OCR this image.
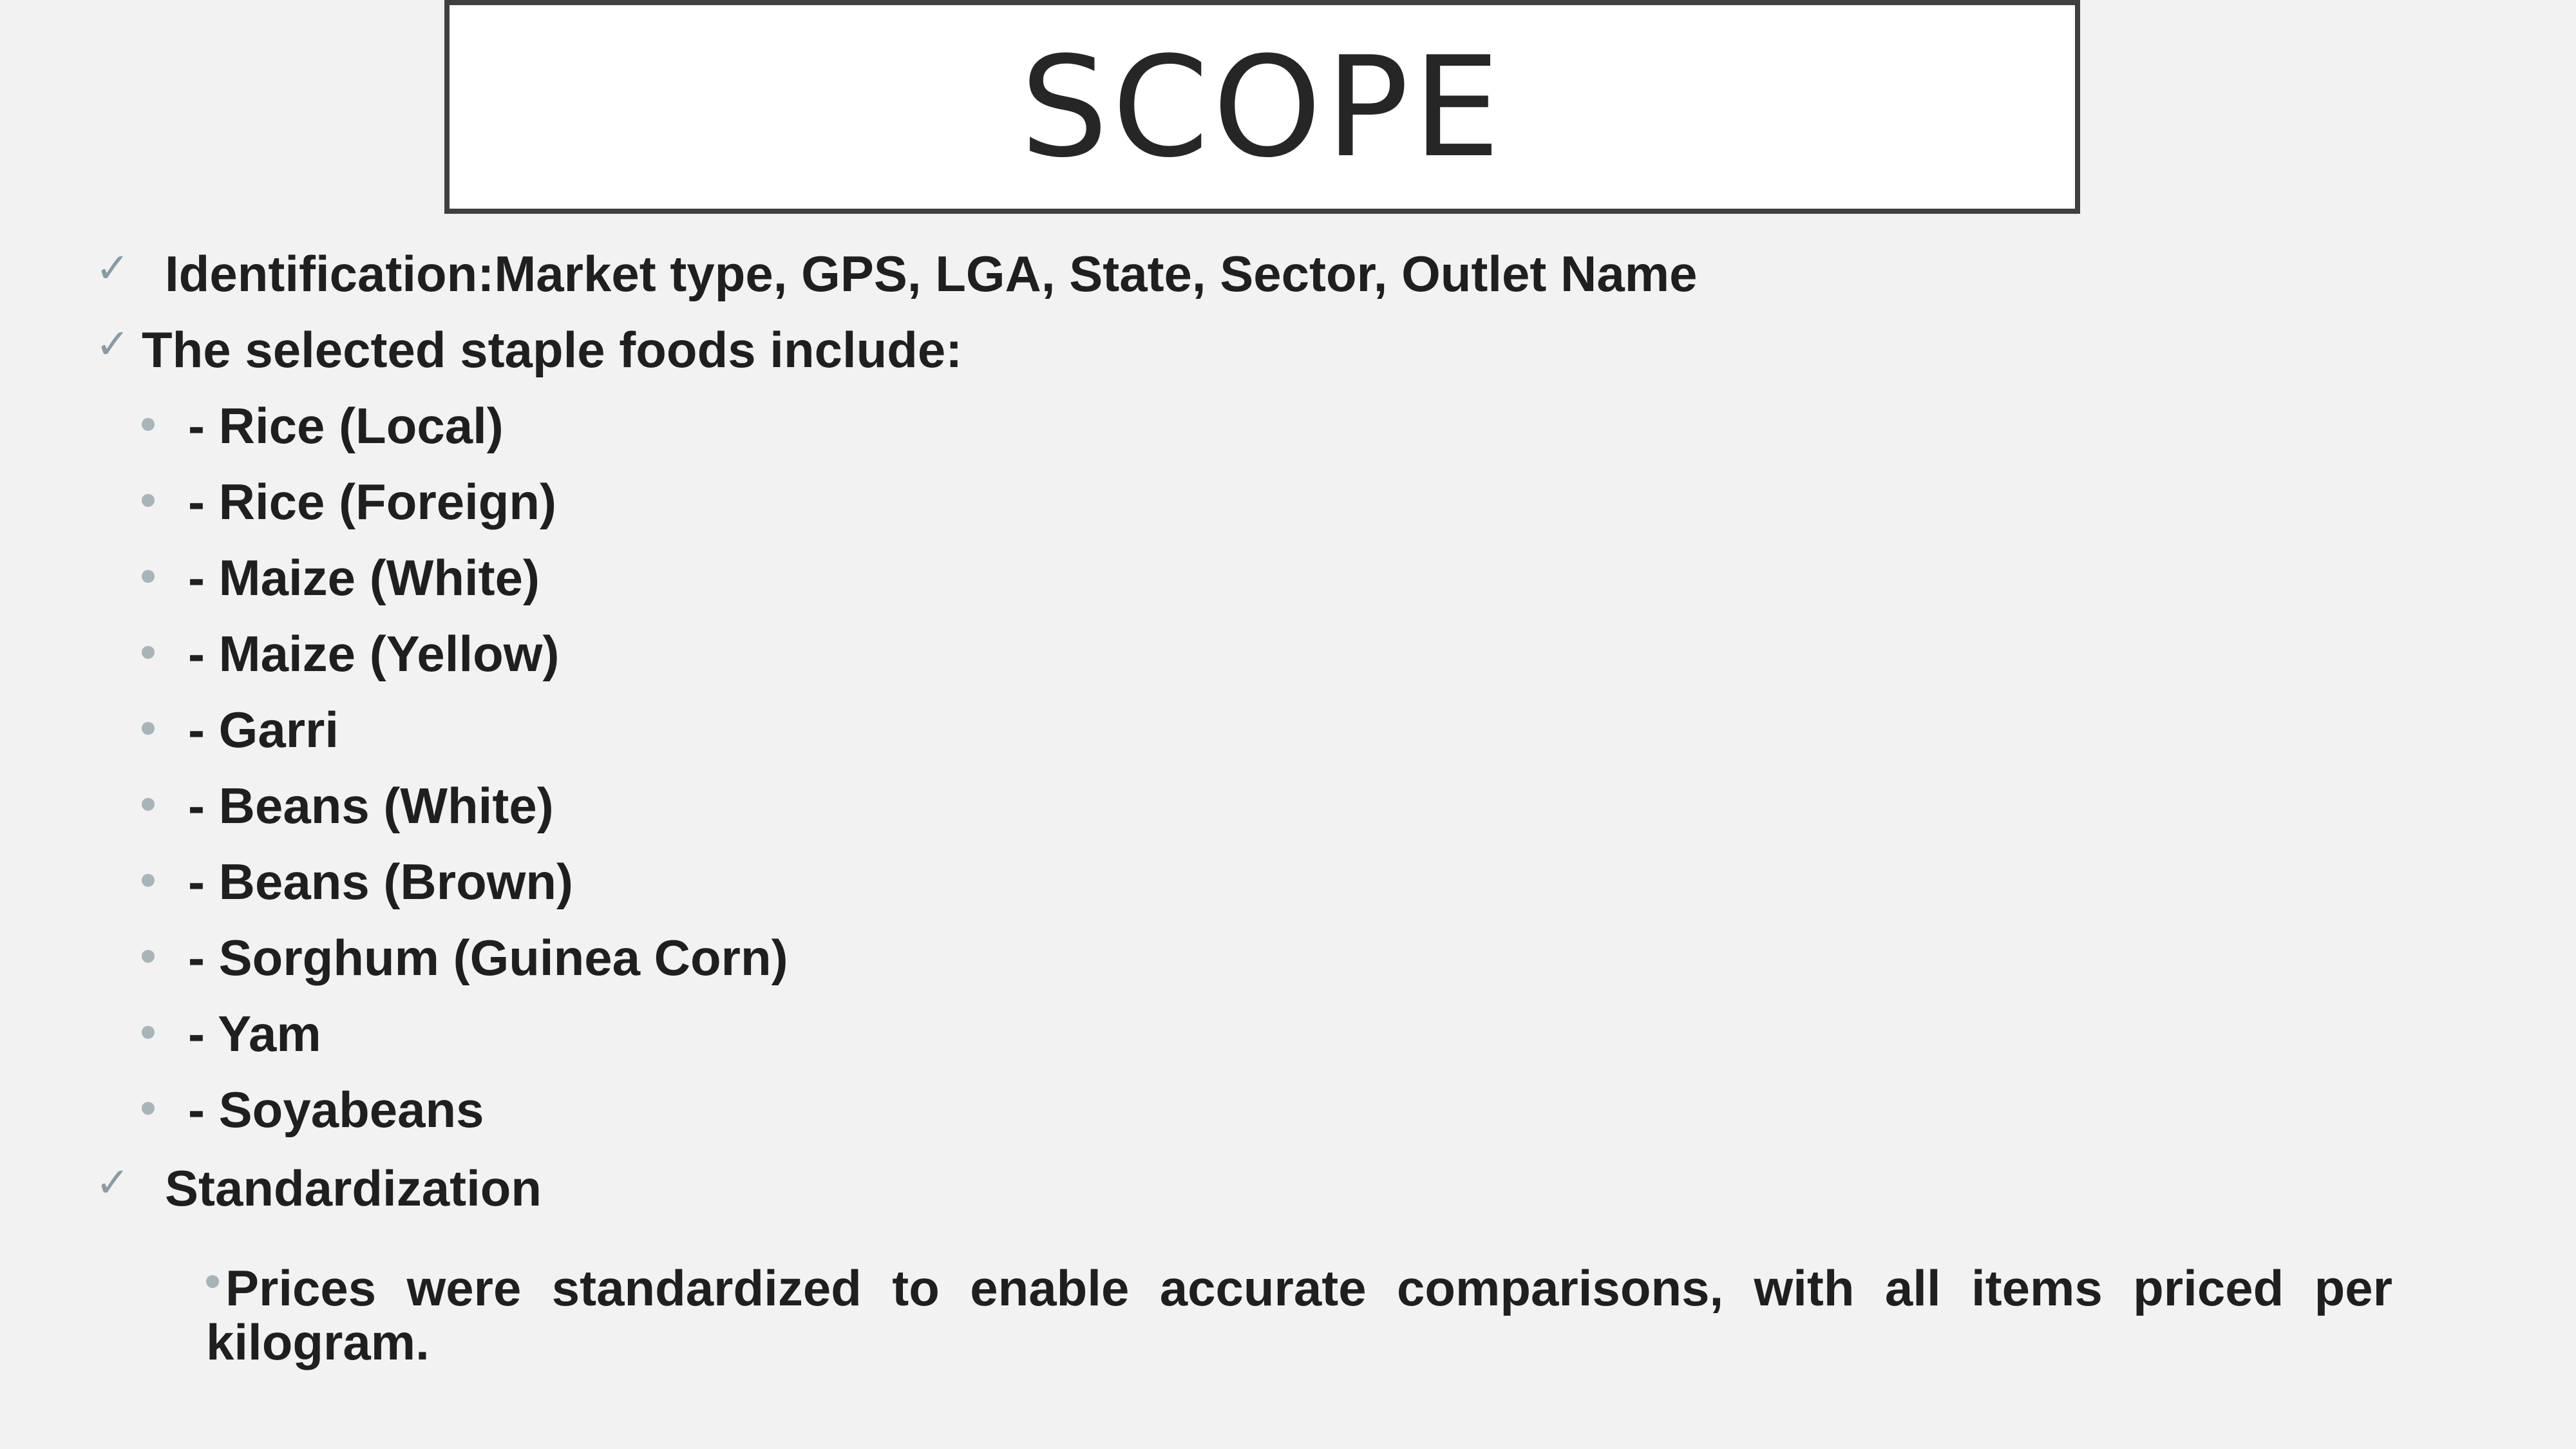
SCOPE
✓ Identification:Market type, GPS, LGA, State, Sector, Outlet Name
✓ The selected staple foods include:
- Rice (Local)
- Rice (Foreign)
- Maize (White)
- Maize (Yellow)
- Garri
- Beans (White)
- Beans (Brown)
- Sorghum (Guinea Corn)
- Yam
- Soyabeans
✓ Standardization
Prices were standardized to enable accurate comparisons, with all items priced per kilogram.
